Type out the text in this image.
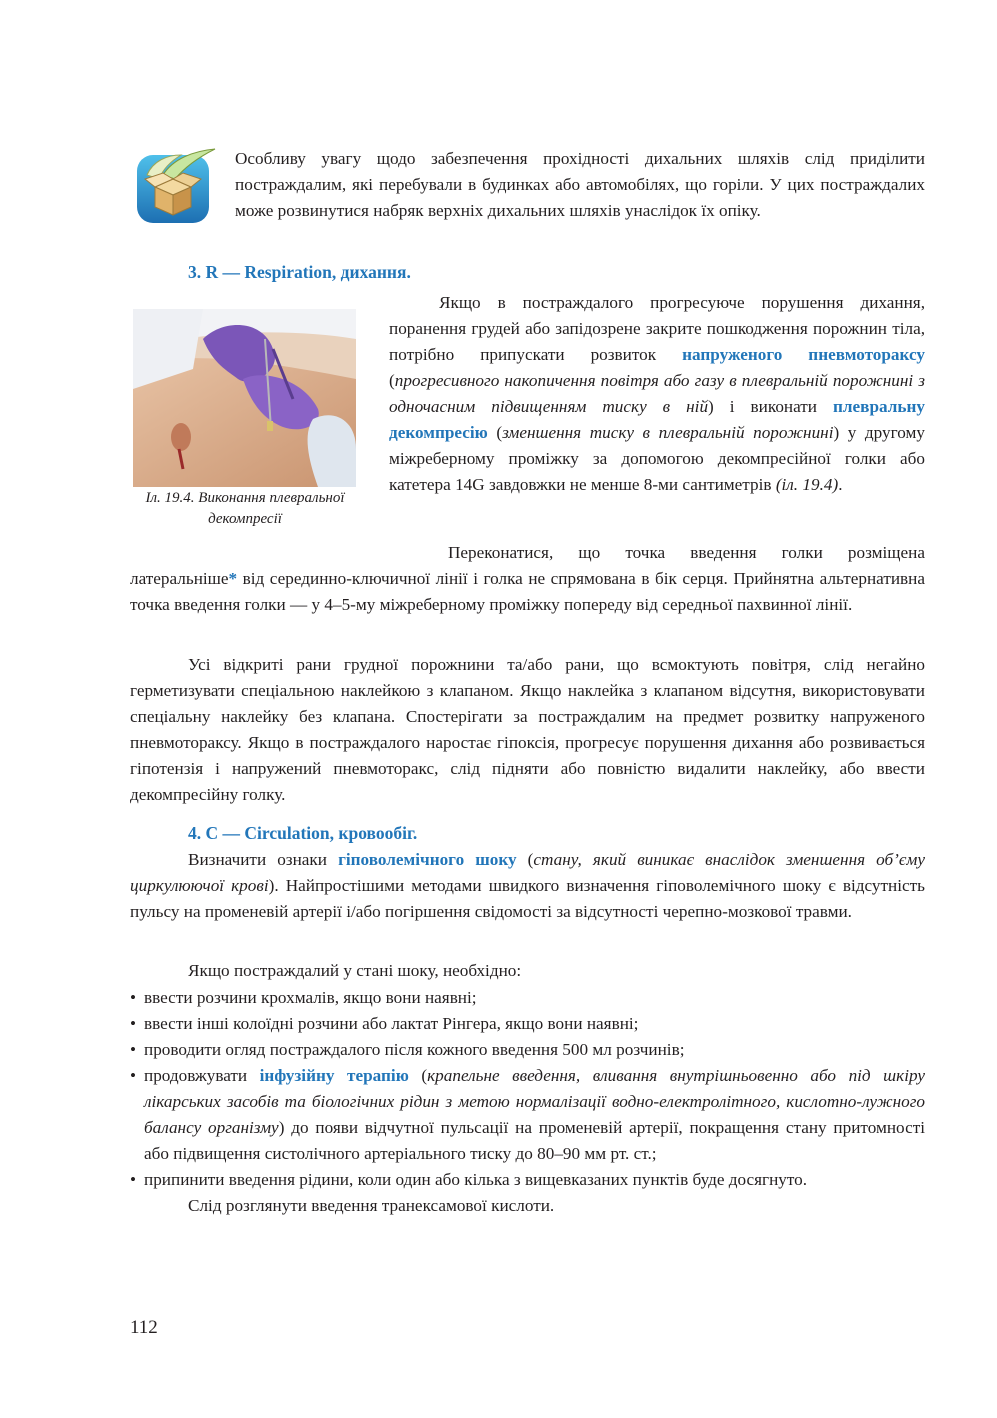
Особливу увагу щодо забезпечення прохідності дихальних шляхів слід приділити постраждалим, які перебували в будинках або автомобілях, що горіли. У цих постраждалих може розвинутися набряк верхніх дихальних шляхів унаслідок їх опіку.

3. R — Respiration, дихання.
Іл. 19.4. Виконання плевральної декомпресії

Якщо в постраждалого прогресуюче порушення дихання, поранення грудей або запідозрене закрите пошкодження порожнин тіла, потрібно припускати розвиток напруженого пневмотораксу (прогресивного накопичення повітря або газу в плевральній порожнині з одночасним підвищенням тиску в ній) і виконати плевральну декомпресію (зменшення тиску в плевральній порожнині) у другому міжреберному проміжку за допомогою декомпресійної голки або катетера 14G завдовжки не менше 8-ми сантиметрів (іл. 19.4).

Переконатися, що точка введення голки розміщена латеральніше* від серединно-ключичної лінії і голка не спрямована в бік серця. Прийнятна альтернативна точка введення голки — у 4–5-му міжреберному проміжку попереду від середньої пахвинної лінії.

Усі відкриті рани грудної порожнини та/або рани, що всмоктують повітря, слід негайно герметизувати спеціальною наклейкою з клапаном. Якщо наклейка з клапаном відсутня, використовувати спеціальну наклейку без клапана. Спостерігати за постраждалим на предмет розвитку напруженого пневмотораксу. Якщо в постраждалого наростає гіпоксія, прогресує порушення дихання або розвивається гіпотензія і напружений пневмоторакс, слід підняти або повністю видалити наклейку, або ввести декомпресійну голку.

4. C — Circulation, кровообіг.

Визначити ознаки гіповолемічного шоку (стану, який виникає внаслідок зменшення об’єму циркулюючої крові). Найпростішими методами швидкого визначення гіповолемічного шоку є відсутність пульсу на променевій артерії і/або погіршення свідомості за відсутності черепно-мозкової травми.

Якщо постраждалий у стані шоку, необхідно:

• ввести розчини крохмалів, якщо вони наявні;
• ввести інші колоїдні розчини або лактат Рінгера, якщо вони наявні;
• проводити огляд постраждалого після кожного введення 500 мл розчинів;
• продовжувати інфузійну терапію (крапельне введення, вливання внутрішньовенно або під шкіру лікарських засобів та біологічних рідин з метою нормалізації водно-електролітного, кислотно-лужного балансу організму) до появи відчутної пульсації на променевій артерії, покращення стану притомності або підвищення систолічного артеріального тиску до 80–90 мм рт. ст.;
• припинити введення рідини, коли один або кілька з вищевказаних пунктів буде досягнуто.

Слід розглянути введення транексамової кислоти.

112
